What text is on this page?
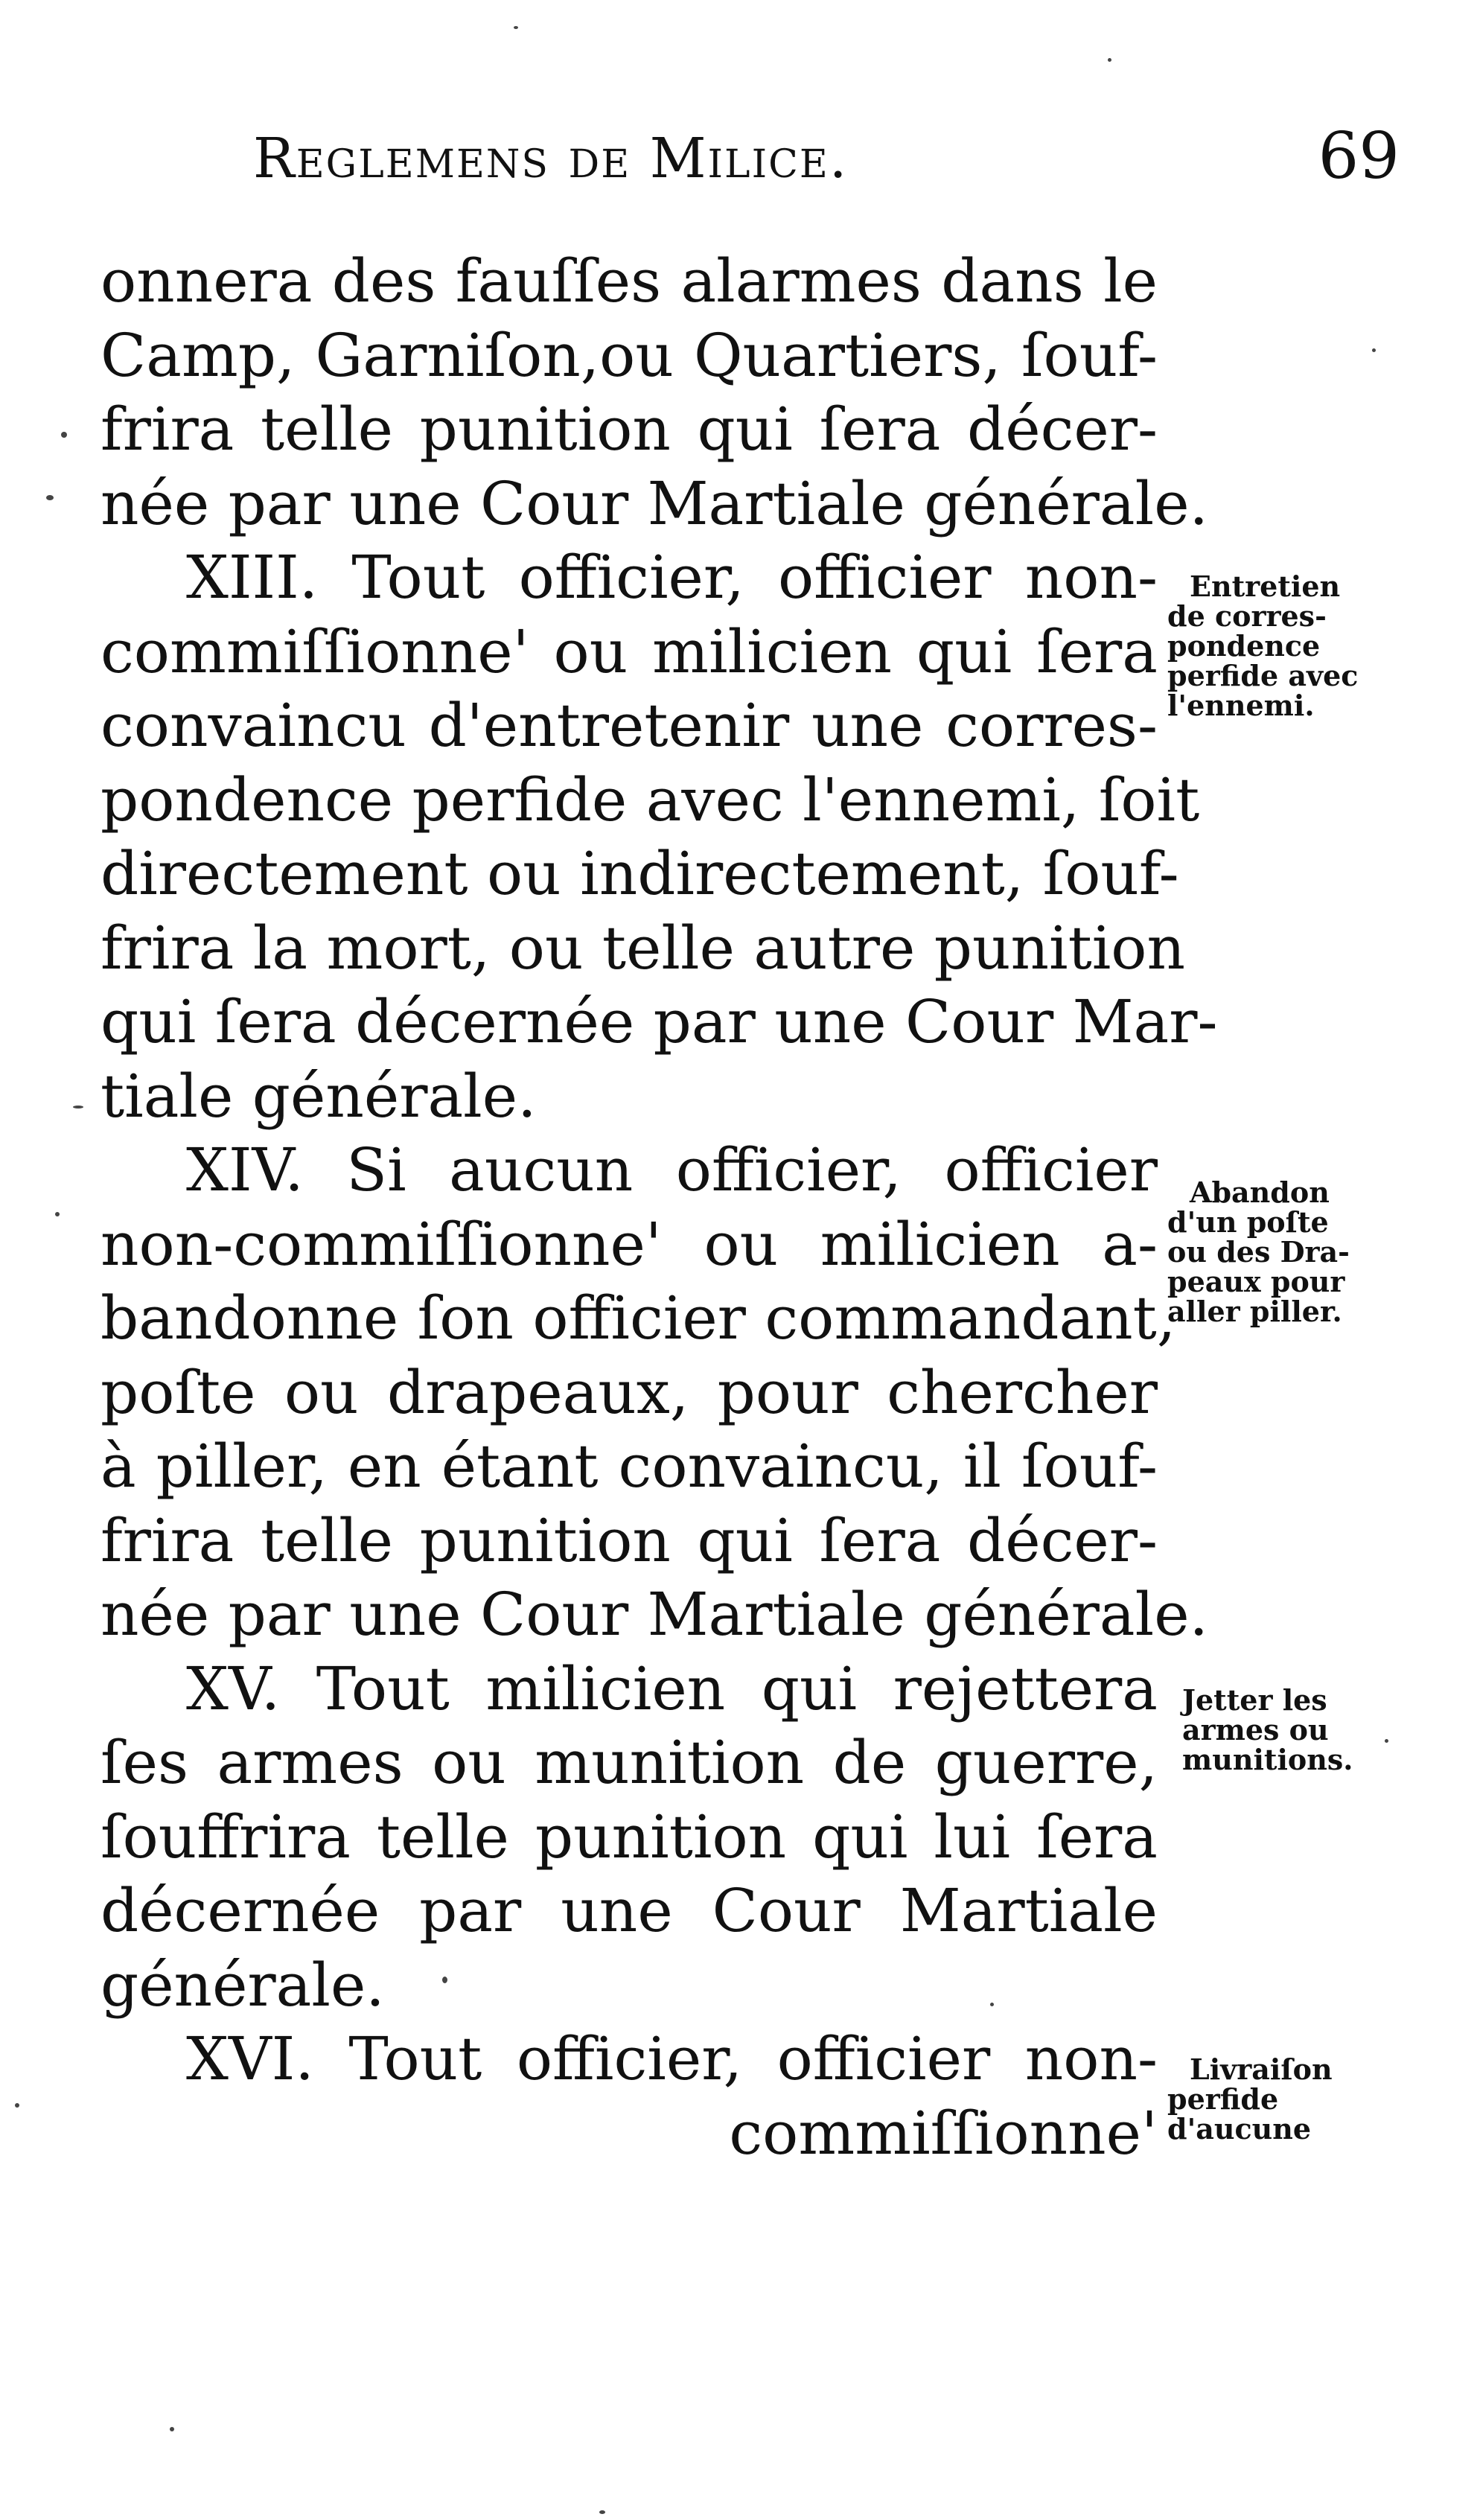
Reglemens de Milice.	69
onnera des fauſſes alarmes dans le
Camp, Garniſon,ou Quartiers, ſouf-
frira telle punition qui ſera décer-
née par une Cour Martiale générale.
XIII. Tout officier, officier non-
commiſſionne' ou milicien qui ſera
convaincu d'entretenir une corres-
pondence perfide avec l'ennemi, ſoit
directement ou indirectement, ſouf-
frira la mort, ou telle autre punition
qui ſera décernée par une Cour Mar-
tiale générale.
XIV. Si aucun officier, officier
non-commiſſionne' ou milicien a-
bandonne ſon officier commandant,
poſte ou drapeaux, pour chercher
à piller, en étant convaincu, il ſouf-
frira telle punition qui ſera décer-
née par une Cour Martiale générale.
XV. Tout milicien qui rejettera
ſes armes ou munition de guerre,
ſouffrira telle punition qui lui ſera
décernée par une Cour Martiale
générale.
XVI. Tout officier, officier non-
commiſſionne'
Entretien
de corres-
pondence
perfide avec
l'ennemi.
Abandon
d'un poſte
ou des Dra-
peaux pour
aller piller.
Jetter les
armes ou
munitions.
Livraiſon
perfide
d'aucune
